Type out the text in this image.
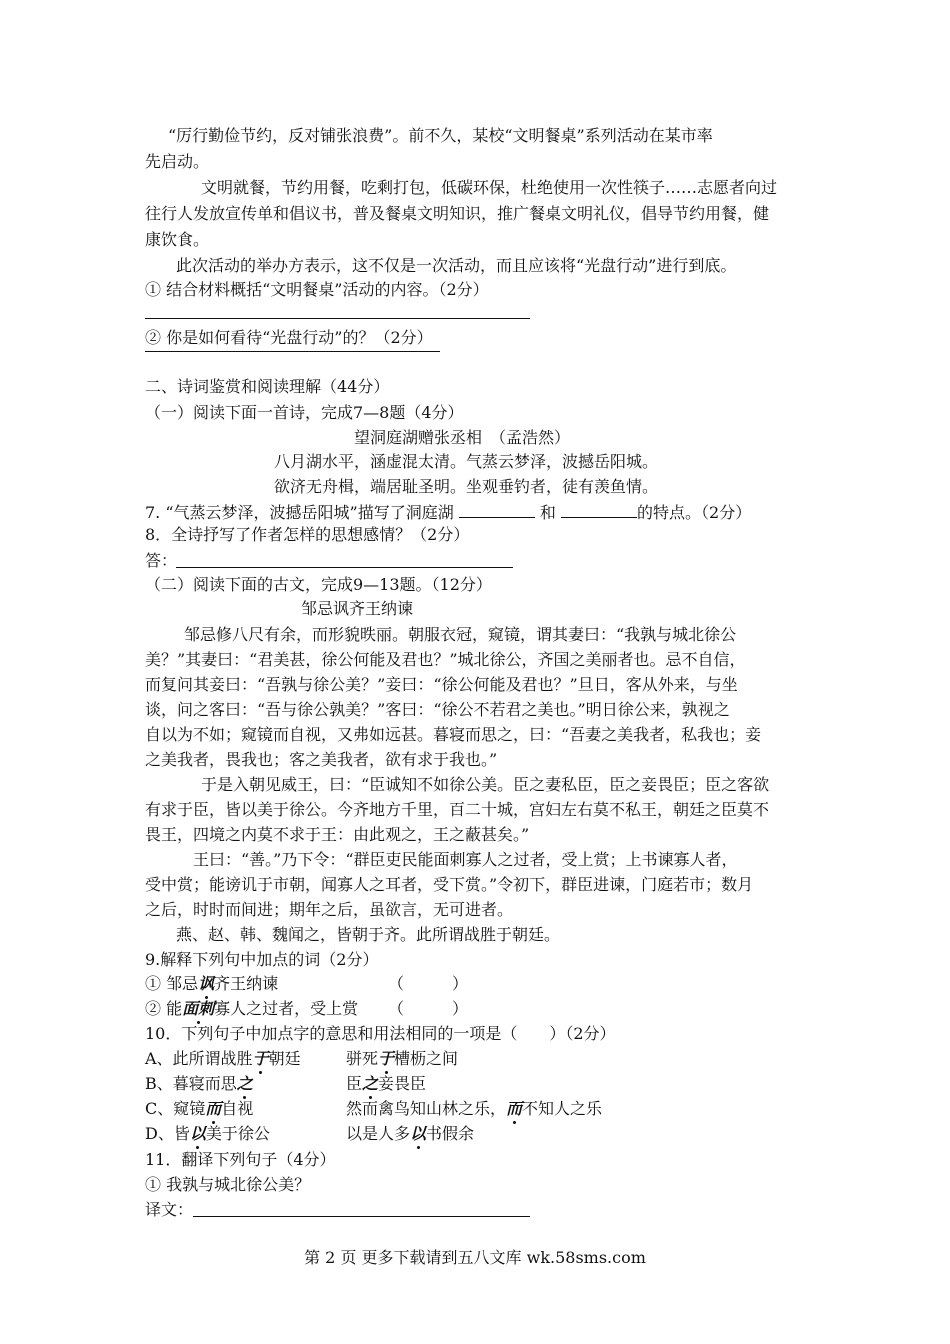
“厉行勤俭节约，反对铺张浪费”。前不久，某校“文明餐桌”系列活动在某市率
先启动。
文明就餐，节约用餐，吃剩打包，低碳环保，杜绝使用一次性筷子……志愿者向过
往行人发放宣传单和倡议书，普及餐桌文明知识，推广餐桌文明礼仪，倡导节约用餐，健
康饮食。
此次活动的举办方表示，这不仅是一次活动，而且应该将“光盘行动”进行到底。
① 结合材料概括“文明餐桌”活动的内容。（2分）
② 你是如何看待“光盘行动”的？（2分）
二、诗词鉴赏和阅读理解（44分）
（一）阅读下面一首诗，完成7—8题（4分）
望洞庭湖赠张丞相 （孟浩然）
八月湖水平，涵虚混太清。气蒸云梦泽，波撼岳阳城。
欲济无舟楫，端居耻圣明。坐观垂钓者，徒有羡鱼情。
7. “气蒸云梦泽，波撼岳阳城”描写了洞庭湖	和	的特点。（2分）
8．全诗抒写了作者怎样的思想感情？（2分）
答：
（二）阅读下面的古文，完成9—13题。（12分）
邹忌讽齐王纳谏
邹忌修八尺有余，而形貌昳丽。朝服衣冠，窥镜，谓其妻曰：“我孰与城北徐公
美？”其妻曰：“君美甚，徐公何能及君也？”城北徐公，齐国之美丽者也。忌不自信，
而复问其妾曰：“吾孰与徐公美？”妾曰：“徐公何能及君也？”旦日，客从外来，与坐
谈，问之客曰：“吾与徐公孰美？”客曰：“徐公不若君之美也。”明日徐公来，孰视之
自以为不如；窥镜而自视，又弗如远甚。暮寝而思之，曰：“吾妻之美我者，私我也；妾
之美我者，畏我也；客之美我者，欲有求于我也。”
于是入朝见威王，曰：“臣诚知不如徐公美。臣之妻私臣，臣之妾畏臣；臣之客欲
有求于臣，皆以美于徐公。今齐地方千里，百二十城，宫妇左右莫不私王，朝廷之臣莫不
畏王，四境之内莫不求于王：由此观之，王之蔽甚矣。”
王曰：“善。”乃下令：“群臣吏民能面刺寡人之过者，受上赏；上书谏寡人者，
受中赏；能谤讥于市朝，闻寡人之耳者，受下赏。”令初下，群臣进谏，门庭若市；数月
之后，时时而间进；期年之后，虽欲言，无可进者。
燕、赵、韩、魏闻之，皆朝于齐。此所谓战胜于朝廷。
9.解释下列句中加点的词（2分）
① 邹忌讽齐王纳谏	（　　　）
② 能面刺寡人之过者，受上赏 （　　　）
10．下列句子中加点字的意思和用法相同的一项是（　　）（2分）
A、此所谓战胜于朝廷	骈死于槽枥之间
B、暮寝而思之	臣之妾畏臣
C、窥镜而自视	然而禽鸟知山林之乐，而不知人之乐
D、皆以美于徐公	以是人多以书假余
11．翻译下列句子（4分）
① 我孰与城北徐公美？
译文：
第 2 页 更多下载请到五八文库 wk.58sms.com
